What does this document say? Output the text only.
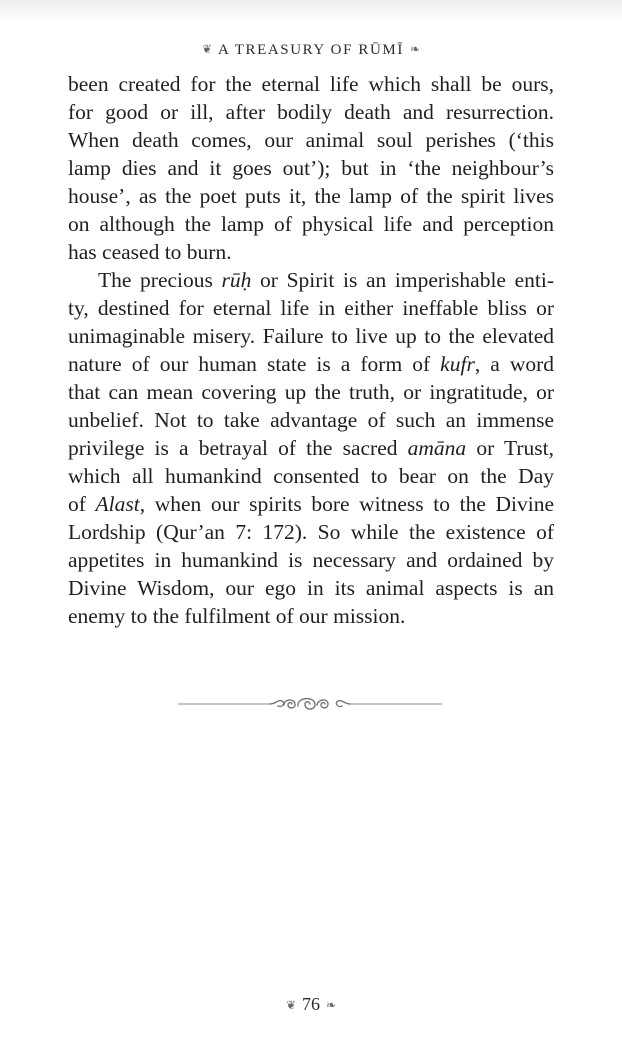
❦ A TREASURY OF RŪMĪ ❧
been created for the eternal life which shall be ours,
for good or ill, after bodily death and resurrection.
When death comes, our animal soul perishes (‘this
lamp dies and it goes out’); but in ‘the neighbour’s
house’, as the poet puts it, the lamp of the spirit lives
on although the lamp of physical life and perception
has ceased to burn.
The precious rūḥ or Spirit is an imperishable enti-
ty, destined for eternal life in either ineffable bliss or
unimaginable misery. Failure to live up to the elevated
nature of our human state is a form of kufr, a word
that can mean covering up the truth, or ingratitude, or
unbelief. Not to take advantage of such an immense
privilege is a betrayal of the sacred amāna or Trust,
which all humankind consented to bear on the Day
of Alast, when our spirits bore witness to the Divine
Lordship (Qur’an 7: 172). So while the existence of
appetites in humankind is necessary and ordained by
Divine Wisdom, our ego in its animal aspects is an
enemy to the fulfilment of our mission.
❦ 76 ❧
